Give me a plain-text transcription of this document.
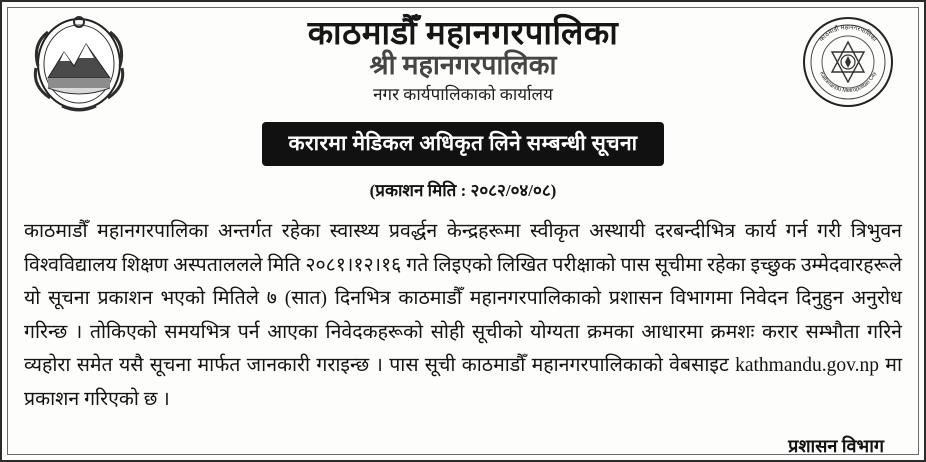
काठमाडौं महानगरपालिका
Kathmandu Metropolitan City
काठमाडौँ महानगरपालिका
श्री महानगरपालिका
नगर कार्यपालिकाको कार्यालय
करारमा मेडिकल अधिकृत लिने सम्बन्धी सूचना
(प्रकाशन मिति : २०८२/०४/०८)

काठमाडौँ महानगरपालिका अन्तर्गत रहेका स्वास्थ्य प्रवर्द्धन केन्द्रहरूमा स्वीकृत अस्थायी दरबन्दीभित्र कार्य गर्न गरी त्रिभुवन विश्वविद्यालय शिक्षण अस्पताललले मिति २०८१।१२।१६ गते लिइएको लिखित परीक्षाको पास सूचीमा रहेका इच्छुक उम्मेदवारहरूले यो सूचना प्रकाशन भएको मितिले ७ (सात) दिनभित्र काठमाडौँ महानगरपालिकाको प्रशासन विभागमा निवेदन दिनुहुन अनुरोध गरिन्छ । तोकिएको समयभित्र पर्न आएका निवेदकहरूको सोही सूचीको योग्यता क्रमका आधारमा क्रमशः करार सम्भौता गरिने व्यहोरा समेत यसै सूचना मार्फत जानकारी गराइन्छ । पास सूची काठमाडौँ महानगरपालिकाको वेबसाइट kathmandu.gov.np मा प्रकाशन गरिएको छ ।

प्रशासन विभाग
